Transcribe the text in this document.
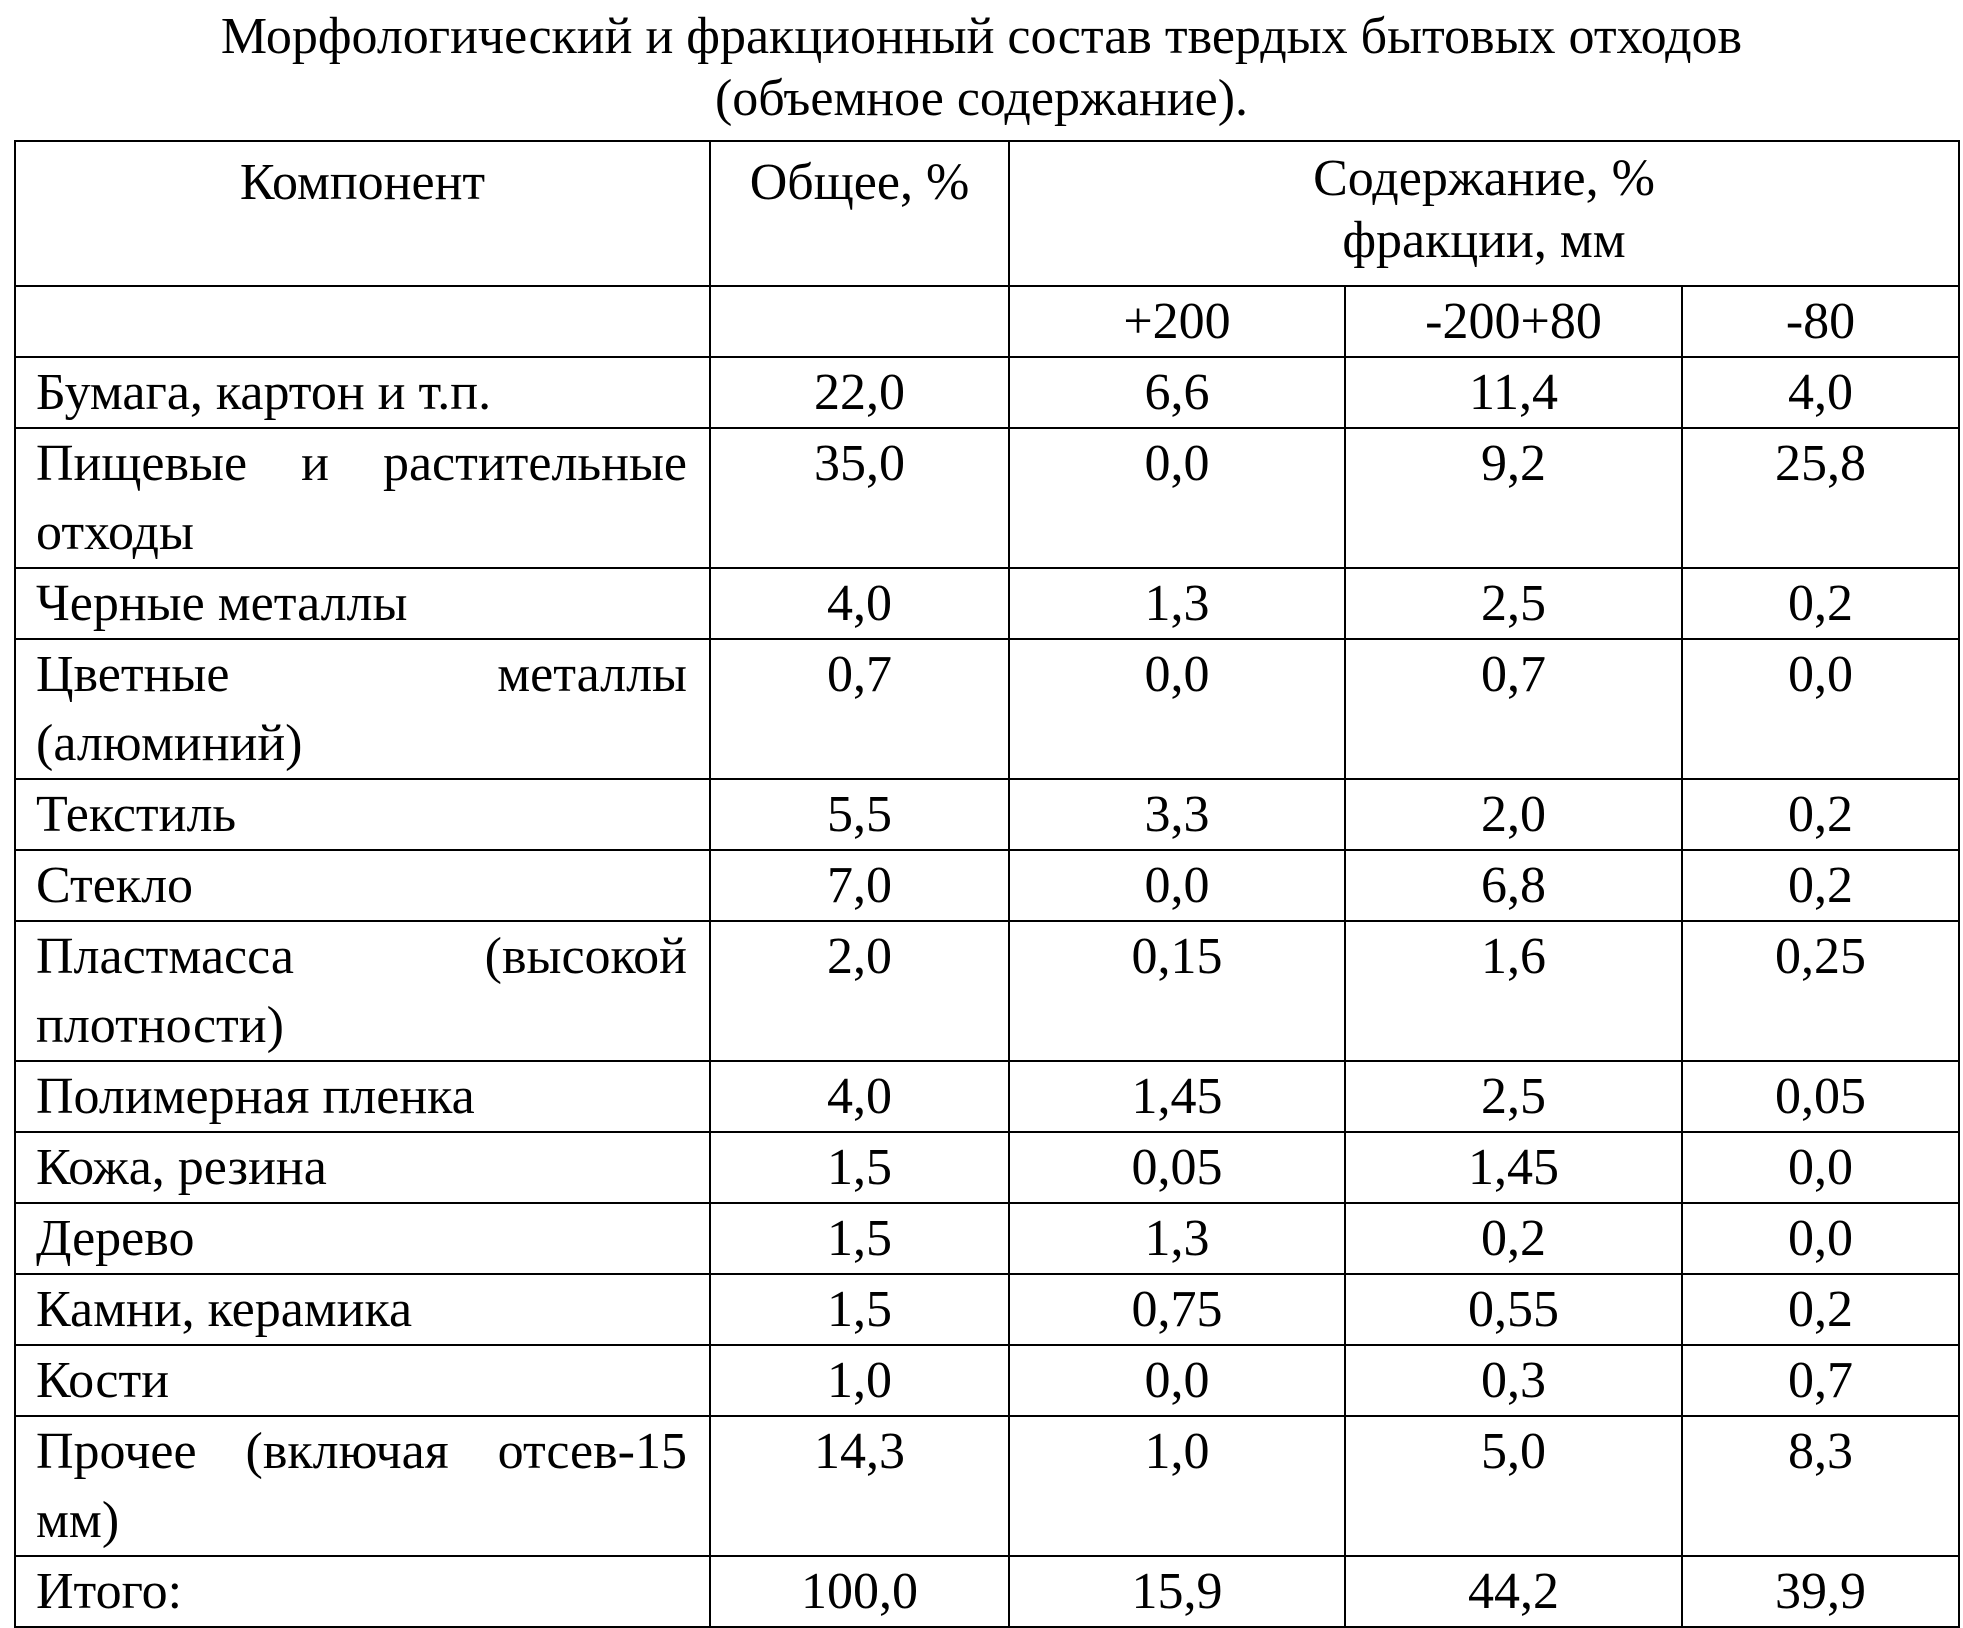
Морфологический и фракционный состав твердых бытовых отходов
(объемное содержание).
Компонент	Общее, %	Содержание, %
фракции, мм		

		+200	-200+80	-80
Бумага, картон и т.п.	22,0	6,6	11,4	4,0
Пищевые и растительные отходы	35,0	0,0	9,2	25,8
Черные металлы	4,0	1,3	2,5	0,2
Цветные металлы (алюминий)	0,7	0,0	0,7	0,0
Текстиль	5,5	3,3	2,0	0,2
Стекло	7,0	0,0	6,8	0,2
Пластмасса (высокой плотности)	2,0	0,15	1,6	0,25
Полимерная пленка	4,0	1,45	2,5	0,05
Кожа, резина	1,5	0,05	1,45	0,0
Дерево	1,5	1,3	0,2	0,0
Камни, керамика	1,5	0,75	0,55	0,2
Кости	1,0	0,0	0,3	0,7
Прочее (включая отсев-15 мм)	14,3	1,0	5,0	8,3
Итого:	100,0	15,9	44,2	39,9
